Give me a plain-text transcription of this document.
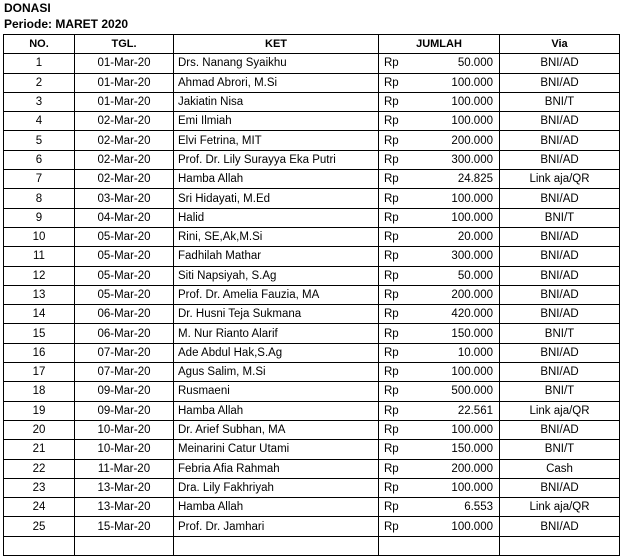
DONASI
Periode: MARET 2020
NO.	TGL.	KET	JUMLAH	Via
1	01-Mar-20	Drs. Nanang Syaikhu	Rp 50.000	BNI/AD
2	01-Mar-20	Ahmad Abrori, M.Si	Rp 100.000	BNI/AD
3	01-Mar-20	Jakiatin Nisa	Rp 100.000	BNI/T
4	02-Mar-20	Emi Ilmiah	Rp 100.000	BNI/AD
5	02-Mar-20	Elvi Fetrina, MIT	Rp 200.000	BNI/AD
6	02-Mar-20	Prof. Dr. Lily Surayya Eka Putri	Rp 300.000	BNI/AD
7	02-Mar-20	Hamba Allah	Rp 24.825	Link aja/QR
8	03-Mar-20	Sri Hidayati, M.Ed	Rp 100.000	BNI/AD
9	04-Mar-20	Halid	Rp 100.000	BNI/T
10	05-Mar-20	Rini, SE,Ak,M.Si	Rp 20.000	BNI/AD
11	05-Mar-20	Fadhilah Mathar	Rp 300.000	BNI/AD
12	05-Mar-20	Siti Napsiyah, S.Ag	Rp 50.000	BNI/AD
13	05-Mar-20	Prof. Dr. Amelia Fauzia, MA	Rp 200.000	BNI/AD
14	06-Mar-20	Dr. Husni Teja Sukmana	Rp 420.000	BNI/AD
15	06-Mar-20	M. Nur Rianto Alarif	Rp 150.000	BNI/T
16	07-Mar-20	Ade Abdul Hak,S.Ag	Rp 10.000	BNI/AD
17	07-Mar-20	Agus Salim, M.Si	Rp 100.000	BNI/AD
18	09-Mar-20	Rusmaeni	Rp 500.000	BNI/T
19	09-Mar-20	Hamba Allah	Rp 22.561	Link aja/QR
20	10-Mar-20	Dr. Arief Subhan, MA	Rp 100.000	BNI/AD
21	10-Mar-20	Meinarini Catur Utami	Rp 150.000	BNI/T
22	11-Mar-20	Febria Afia Rahmah	Rp 200.000	Cash
23	13-Mar-20	Dra. Lily Fakhriyah	Rp 100.000	BNI/AD
24	13-Mar-20	Hamba Allah	Rp 6.553	Link aja/QR
25	15-Mar-20	Prof. Dr. Jamhari	Rp 100.000	BNI/AD
